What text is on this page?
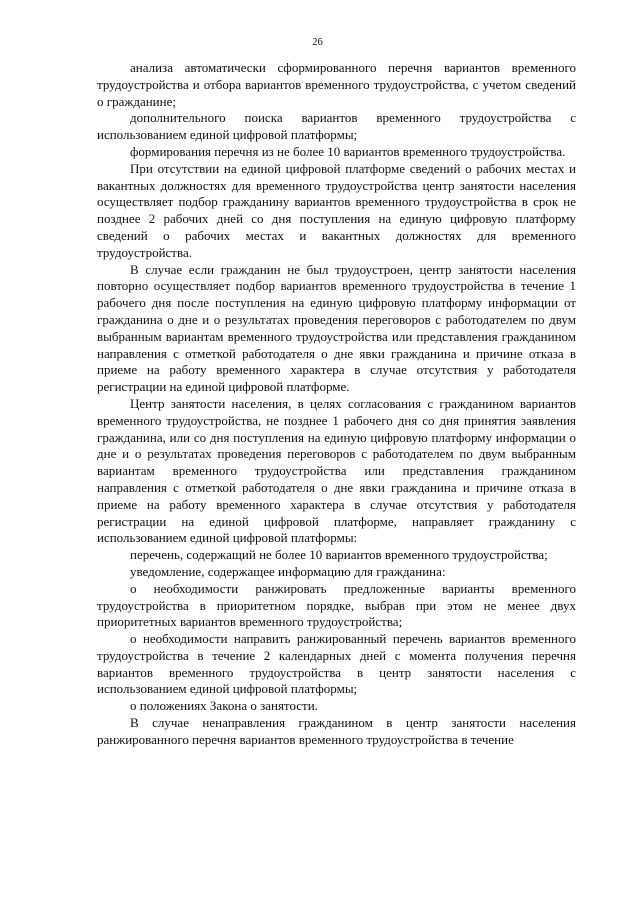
26

анализа автоматически сформированного перечня вариантов временного трудоустройства и отбора вариантов временного трудоустройства, с учетом сведений о гражданине;

дополнительного поиска вариантов временного трудоустройства с использованием единой цифровой платформы;

формирования перечня из не более 10 вариантов временного трудоустройства.

При отсутствии на единой цифровой платформе сведений о рабочих местах и вакантных должностях для временного трудоустройства центр занятости населения осуществляет подбор гражданину вариантов временного трудоустройства в срок не позднее 2 рабочих дней со дня поступления на единую цифровую платформу сведений о рабочих местах и вакантных должностях для временного трудоустройства.

В случае если гражданин не был трудоустроен, центр занятости населения повторно осуществляет подбор вариантов временного трудоустройства в течение 1 рабочего дня после поступления на единую цифровую платформу информации от гражданина о дне и о результатах проведения переговоров с работодателем по двум выбранным вариантам временного трудоустройства или представления гражданином направления с отметкой работодателя о дне явки гражданина и причине отказа в приеме на работу временного характера в случае отсутствия у работодателя регистрации на единой цифровой платформе.

Центр занятости населения, в целях согласования с гражданином вариантов временного трудоустройства, не позднее 1 рабочего дня со дня принятия заявления гражданина, или со дня поступления на единую цифровую платформу информации о дне и о результатах проведения переговоров с работодателем по двум выбранным вариантам временного трудоустройства или представления гражданином направления с отметкой работодателя о дне явки гражданина и причине отказа в приеме на работу временного характера в случае отсутствия у работодателя регистрации на единой цифровой платформе, направляет гражданину с использованием единой цифровой платформы:

перечень, содержащий не более 10 вариантов временного трудоустройства;

уведомление, содержащее информацию для гражданина:

о необходимости ранжировать предложенные варианты временного трудоустройства в приоритетном порядке, выбрав при этом не менее двух приоритетных вариантов временного трудоустройства;

о необходимости направить ранжированный перечень вариантов временного трудоустройства в течение 2 календарных дней с момента получения перечня вариантов временного трудоустройства в центр занятости населения с использованием единой цифровой платформы;

о положениях Закона о занятости.

В случае ненаправления гражданином в центр занятости населения ранжированного перечня вариантов временного трудоустройства в течение
